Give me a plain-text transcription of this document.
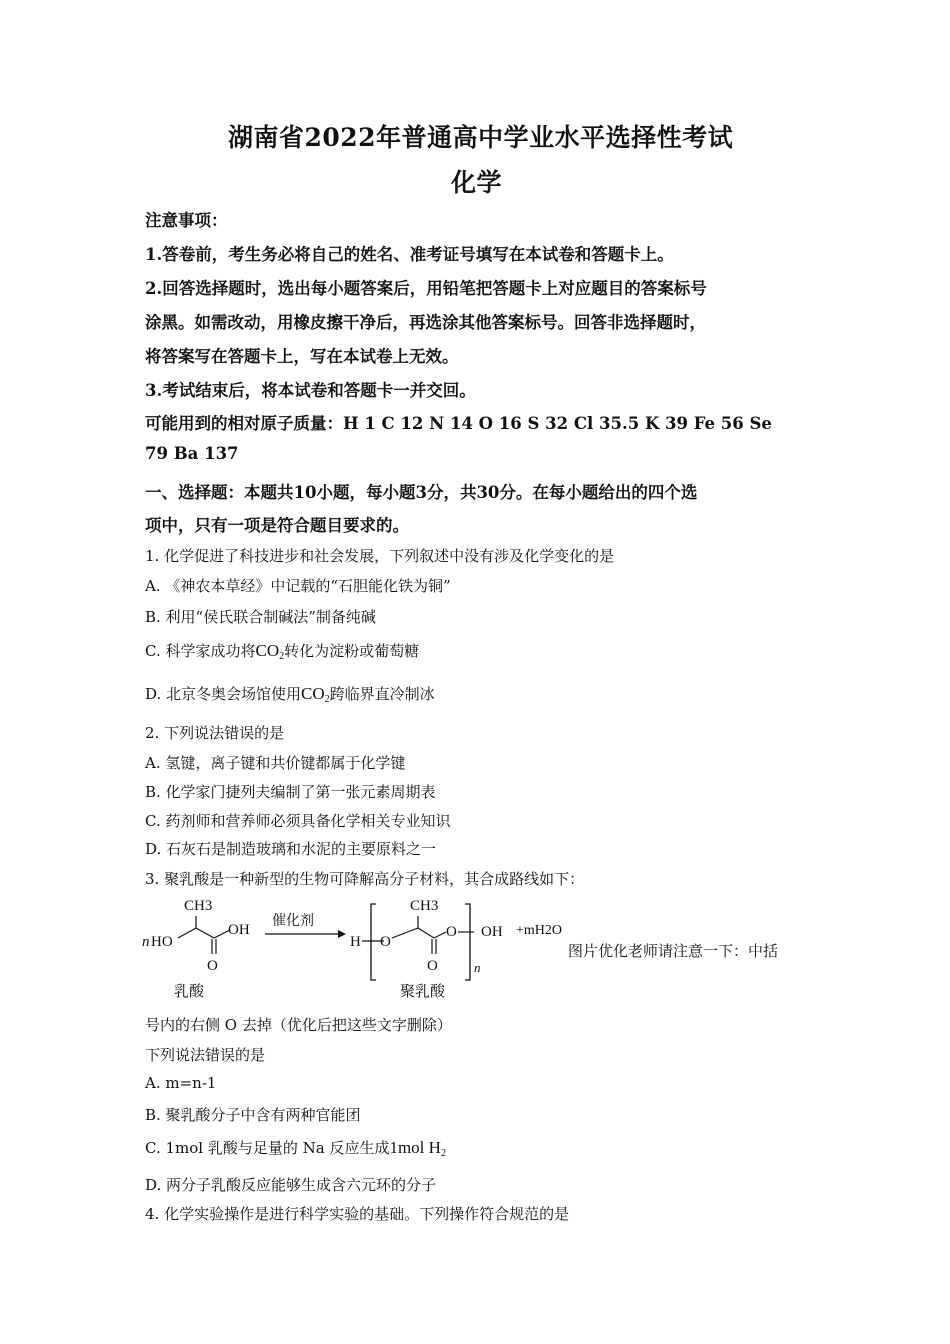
湖南省2022年普通高中学业水平选择性考试
化学
注意事项：
1.答卷前，考生务必将自己的姓名、准考证号填写在本试卷和答题卡上。
2.回答选择题时，选出每小题答案后，用铅笔把答题卡上对应题目的答案标号
涂黑。如需改动，用橡皮擦干净后，再选涂其他答案标号。回答非选择题时，
将答案写在答题卡上，写在本试卷上无效。
3.考试结束后，将本试卷和答题卡一并交回。
可能用到的相对原子质量：H 1 C 12 N 14 O 16 S 32 Cl 35.5 K 39 Fe 56 Se
79 Ba 137
一、选择题：本题共10小题，每小题3分，共30分。在每小题给出的四个选
项中，只有一项是符合题目要求的。
1. 化学促进了科技进步和社会发展，下列叙述中没有涉及化学变化的是
A. 《神农本草经》中记载的“石胆能化铁为铜”
B. 利用“侯氏联合制碱法”制备纯碱
C. 科学家成功将$CO_2$转化为淀粉或葡萄糖
D. 北京冬奥会场馆使用$CO_2$跨临界直冷制冰
2. 下列说法错误的是
A. 氢键，离子键和共价键都属于化学键
B. 化学家门捷列夫编制了第一张元素周期表
C. 药剂师和营养师必须具备化学相关专业知识
D. 石灰石是制造玻璃和水泥的主要原料之一
3. 聚乳酸是一种新型的生物可降解高分子材料，其合成路线如下：
CH3
n HO
OH
O
催化剂
H O
CH3
O
O
n
OH +mH2O
乳酸	聚乳酸
图片优化老师请注意一下：中括
号内的右侧 O 去掉（优化后把这些文字删除）
下列说法错误的是
A. m=n-1
B. 聚乳酸分子中含有两种官能团
C. 1mol 乳酸与足量的 Na 反应生成1mol $H_2$
D. 两分子乳酸反应能够生成含六元环的分子
4. 化学实验操作是进行科学实验的基础。下列操作符合规范的是
